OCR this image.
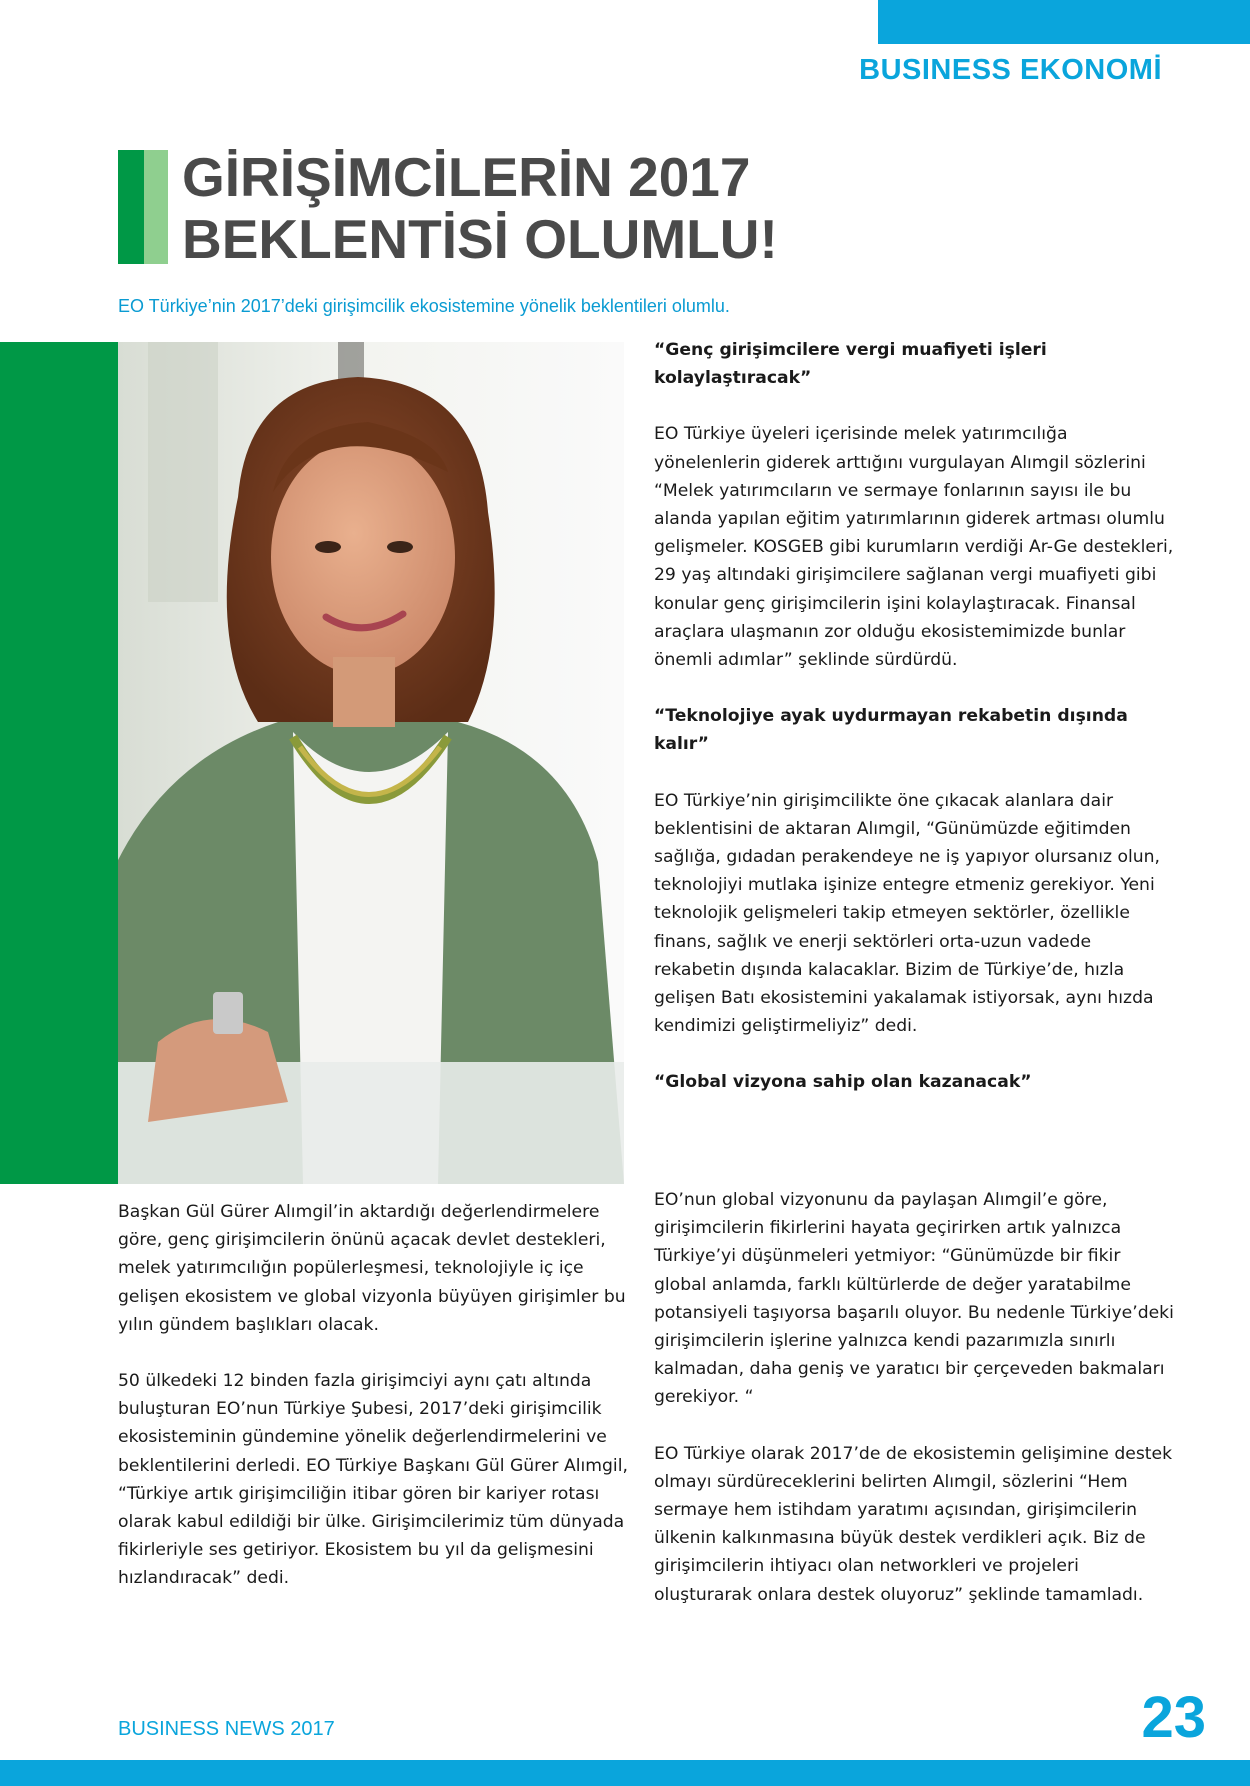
BUSINESS EKONOMİ
GİRİŞİMCİLERİN 2017
BEKLENTİSİ OLUMLU!
EO Türkiye’nin 2017’deki girişimcilik ekosistemine yönelik beklentileri olumlu.
“Genç girişimcilere vergi muafiyeti işleri kolaylaştıracak”

EO Türkiye üyeleri içerisinde melek yatırımcılığa yönelenlerin giderek arttığını vurgulayan Alımgil sözlerini “Melek yatırımcıların ve sermaye fonlarının sayısı ile bu alanda yapılan eğitim yatırımlarının giderek artması olumlu gelişmeler. KOSGEB gibi kurumların verdiği Ar-Ge destekleri, 29 yaş altındaki girişimcilere sağlanan vergi muafiyeti gibi konular genç girişimcilerin işini kolaylaştıracak. Finansal araçlara ulaşmanın zor olduğu ekosistemimizde bunlar önemli adımlar” şeklinde sürdürdü.

“Teknolojiye ayak uydurmayan rekabetin dışında kalır”

EO Türkiye’nin girişimcilikte öne çıkacak alanlara dair beklentisini de aktaran Alımgil, “Günümüzde eğitimden sağlığa, gıdadan perakendeye ne iş yapıyor olursanız olun, teknolojiyi mutlaka işinize entegre etmeniz gerekiyor. Yeni teknolojik gelişmeleri takip etmeyen sektörler, özellikle finans, sağlık ve enerji sektörleri orta-uzun vadede rekabetin dışında kalacaklar. Bizim de Türkiye’de, hızla gelişen Batı ekosistemini yakalamak istiyorsak, aynı hızda kendimizi geliştirmeliyiz” dedi.

“Global vizyona sahip olan kazanacak”

EO’nun global vizyonunu da paylaşan Alımgil’e göre, girişimcilerin fikirlerini hayata geçirirken artık yalnızca Türkiye’yi düşünmeleri yetmiyor: “Günümüzde bir fikir global anlamda, farklı kültürlerde de değer yaratabilme potansiyeli taşıyorsa başarılı oluyor. Bu nedenle Türkiye’deki girişimcilerin işlerine yalnızca kendi pazarımızla sınırlı kalmadan, daha geniş ve yaratıcı bir çerçeveden bakmaları gerekiyor. “

EO Türkiye olarak 2017’de de ekosistemin gelişimine destek olmayı sürdüreceklerini belirten Alımgil, sözlerini “Hem sermaye hem istihdam yaratımı açısından, girişimcilerin ülkenin kalkınmasına büyük destek verdikleri açık. Biz de girişimcilerin ihtiyacı olan networkleri ve projeleri oluşturarak onlara destek oluyoruz” şeklinde tamamladı.

Başkan Gül Gürer Alımgil’in aktardığı değerlendirmelere göre, genç girişimcilerin önünü açacak devlet destekleri, melek yatırımcılığın popülerleşmesi, teknolojiyle iç içe gelişen ekosistem ve global vizyonla büyüyen girişimler bu yılın gündem başlıkları olacak.

50 ülkedeki 12 binden fazla girişimciyi aynı çatı altında buluşturan EO’nun Türkiye Şubesi, 2017’deki girişimcilik ekosisteminin gündemine yönelik değerlendirmelerini ve beklentilerini derledi. EO Türkiye Başkanı Gül Gürer Alımgil, “Türkiye artık girişimciliğin itibar gören bir kariyer rotası olarak kabul edildiği bir ülke. Girişimcilerimiz tüm dünyada fikirleriyle ses getiriyor. Ekosistem bu yıl da gelişmesini hızlandıracak” dedi.

BUSINESS NEWS 2017	23
